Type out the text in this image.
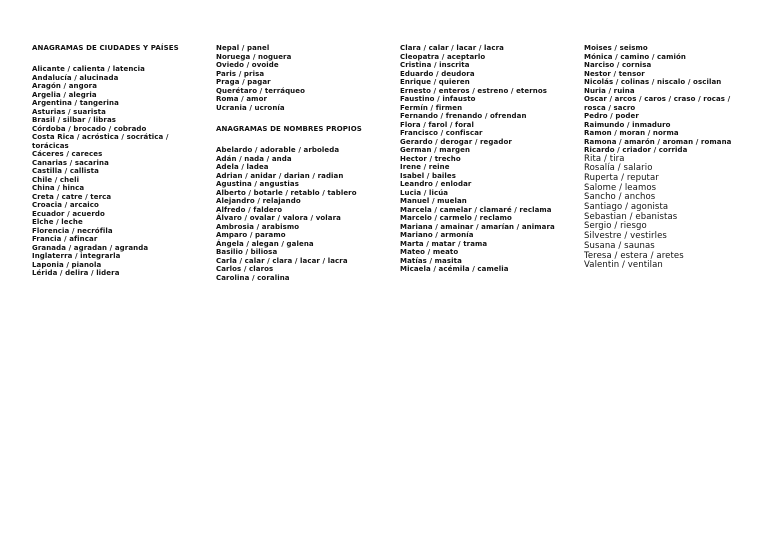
ANAGRAMAS DE CIUDADES Y PAÍSES

Alicante / calienta / latencia
Andalucía / alucinada
Aragón / angora
Argelia / alegria
Argentina / tangerina
Asturias / suarista
Brasil / silbar / libras
Córdoba / brocado / cobrado
Costa Rica / acróstica / socrática / torácicas
Cáceres / careces
Canarias / sacarina
Castilla / callista
Chile / cheli
China / hinca
Creta / catre / terca
Croacia / arcaico
Ecuador / acuerdo
Elche / leche
Florencia / necrófila
Francia / afincar
Granada / agradan / agranda
Inglaterra / integrarla
Laponia / pianola
Lérida / delira / lidera
Nepal / panel
Noruega / noguera
Oviedo / ovoide
Paris / prisa
Praga / pagar
Querétaro / terráqueo
Roma / amor
Ucrania / ucronía

ANAGRAMAS DE NOMBRES PROPIOS

Abelardo / adorable / arboleda
Adán / nada / anda
Adela / ladea
Adrian / anidar / darian / radian
Agustina / angustias
Alberto / botarle / retablo / tablero
Alejandro / relajando
Alfredo / faldero
Álvaro / ovalar / valora / volara
Ambrosia / arabismo
Amparo / paramo
Ángela / alegan / galena
Basilio / biliosa
Carla / calar / clara / lacar / lacra
Carlos / claros
Carolina / coralina
Clara / calar / lacar / lacra
Cleopatra / aceptarlo
Cristina / inscrita
Eduardo / deudora
Enrique / quieren
Ernesto / enteros / estreno / eternos
Faustino / infausto
Fermín / firmen
Fernando / frenando / ofrendan
Flora / farol / foral
Francisco / confiscar
Gerardo / derogar / regador
German / margen
Hector / trecho
Irene / reine
Isabel / bailes
Leandro / enlodar
Lucia / licúa
Manuel / muelan
Marcela / camelar / clamaré / reclama
Marcelo / carmelo / reclamo
Mariana / amainar / amarían / animara
Mariano / armonía
Marta / matar / trama
Mateo / meato
Matías / masita
Micaela / acémila / camelia
Moises / seismo
Mónica / camino / camión
Narciso / cornisa
Nestor / tensor
Nicolás / colinas / niscalo / oscilan
Nuria / ruina
Oscar / arcos / caros / craso / rocas / rosca / sacro
Pedro / poder
Raimundo / inmaduro
Ramon / moran / norma
Ramona / amarón / aroman / romana
Ricardo / criador / corrida
Rita / tira
Rosalía / salario
Ruperta / reputar
Salome / leamos
Sancho / anchos
Santiago / agonista
Sebastian / ebanistas
Sergio / riesgo
Silvestre / vestirles
Susana / saunas
Teresa / estera / aretes
Valentin / ventilan
